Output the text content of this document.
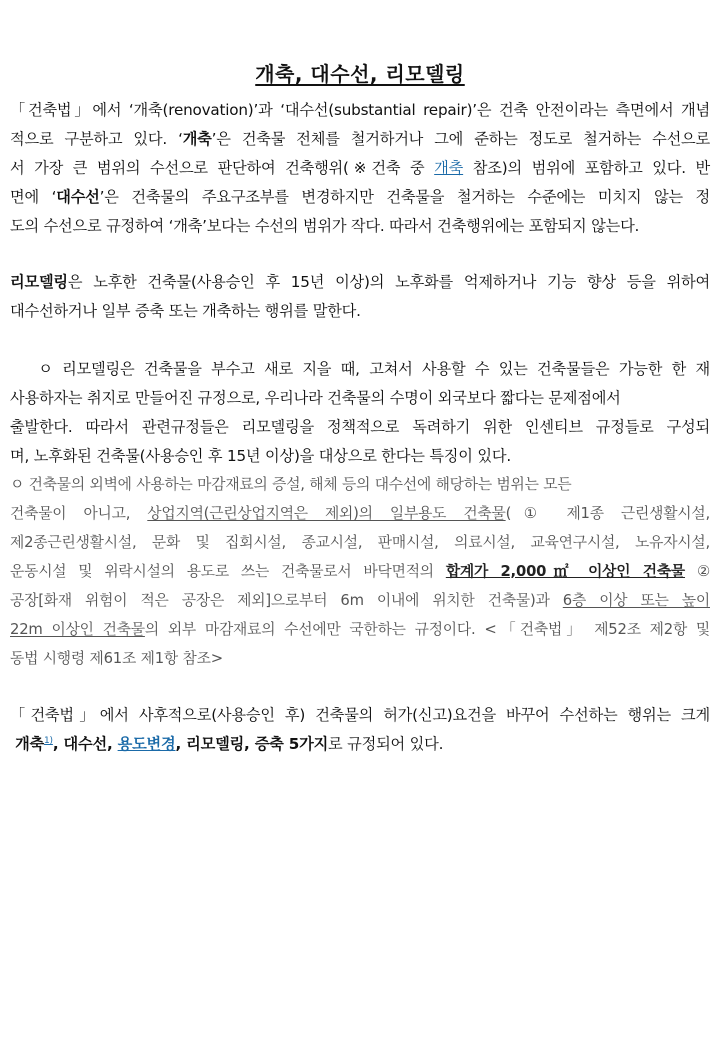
개축, 대수선, 리모델링
「건축법」에서 ‘개축(renovation)’과 ‘대수선(substantial repair)’은 건축 안전이라는 측면에서 개념
적으로 구분하고 있다. ‘개축’은 건축물 전체를 철거하거나 그에 준하는 정도로 철거하는 수선으로
서 가장 큰 범위의 수선으로 판단하여 건축행위(※건축 중 개축 참조)의 범위에 포함하고 있다. 반
면에 ‘대수선’은 건축물의 주요구조부를 변경하지만 건축물을 철거하는 수준에는 미치지 않는 정
도의 수선으로 규정하여 ‘개축’보다는 수선의 범위가 작다. 따라서 건축행위에는 포함되지 않는다.
리모델링은 노후한 건축물(사용승인 후 15년 이상)의 노후화를 억제하거나 기능 향상 등을 위하여
대수선하거나 일부 증축 또는 개축하는 행위를 말한다.
ㅇ 리모델링은 건축물을 부수고 새로 지을 때, 고쳐서 사용할 수 있는 건축물들은 가능한 한 재
사용하자는 취지로 만들어진 규정으로, 우리나라 건축물의 수명이 외국보다 짧다는 문제점에서
출발한다. 따라서 관련규정들은 리모델링을 정책적으로 독려하기 위한 인센티브 규정들로 구성되
며, 노후화된 건축물(사용승인 후 15년 이상)을 대상으로 한다는 특징이 있다.
ㅇ 건축물의 외벽에 사용하는 마감재료의 증설, 해체 등의 대수선에 해당하는 범위는 모든
건축물이 아니고, 상업지역(근린상업지역은 제외)의 일부용도 건축물(① 제1종 근린생활시설,
제2종근린생활시설, 문화 및 집회시설, 종교시설, 판매시설, 의료시설, 교육연구시설, 노유자시설,
운동시설 및 위락시설의 용도로 쓰는 건축물로서 바닥면적의 합계가 2,000㎡ 이상인 건축물 ②
공장[화재 위험이 적은 공장은 제외]으로부터 6m 이내에 위치한 건축물)과 6층 이상 또는 높이
22m 이상인 건축물의 외부 마감재료의 수선에만 국한하는 규정이다. <「건축법」 제52조 제2항 및
동법 시행령 제61조 제1항 참조>
「건축법」에서 사후적으로(사용승인 후) 건축물의 허가(신고)요건을 바꾸어 수선하는 행위는 크게
개축$^{1)}$, 대수선, 용도변경, 리모델링, 증축 5가지로 규정되어 있다.
